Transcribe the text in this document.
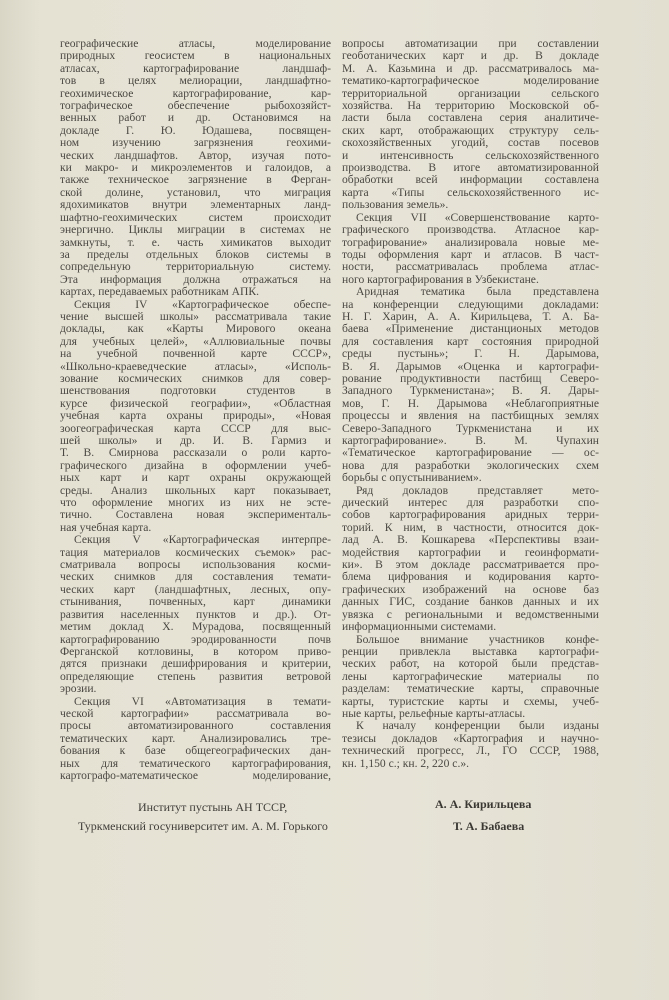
географические атласы, моделирование
природных геосистем в национальных
атласах, картографирование ландшаф-
тов в целях мелиорации, ландшафтно-
геохимическое картографирование, кар-
тографическое обеспечение рыбохозяйст-
венных работ и др. Остановимся на
докладе Г. Ю. Юдашева, посвящен-
ном изучению загрязнения геохими-
ческих ландшафтов. Автор, изучая пото-
ки макро- и микроэлементов и галоидов, а
также техническое загрязнение в Ферган-
ской долине, установил, что миграция
ядохимикатов внутри элементарных ланд-
шафтно-геохимических систем происходит
энергично. Циклы миграции в системах не
замкнуты, т. е. часть химикатов выходит
за пределы отдельных блоков системы в
сопредельную территориальную систему.
Эта информация должна отражаться на
картах, передаваемых работникам АПК.
Секция IV «Картографическое обеспе-
чение высшей школы» рассматривала такие
доклады, как «Карты Мирового океана
для учебных целей», «Аллювиальные почвы
на учебной почвенной карте СССР»,
«Школьно-краеведческие атласы», «Исполь-
зование космических снимков для совер-
шенствования подготовки студентов в
курсе физической географии», «Областная
учебная карта охраны природы», «Новая
зоогеографическая карта СССР для выс-
шей школы» и др. И. В. Гармиз и
Т. В. Смирнова рассказали о роли карто-
графического дизайна в оформлении учеб-
ных карт и карт охраны окружающей
среды. Анализ школьных карт показывает,
что оформление многих из них не эсте-
тично. Составлена новая эксперименталь-
ная учебная карта.
Секция V «Картографическая интерпре-
тация материалов космических съемок» рас-
сматривала вопросы использования косми-
ческих снимков для составления темати-
ческих карт (ландшафтных, лесных, опу-
стынивания, почвенных, карт динамики
развития населенных пунктов и др.). От-
метим доклад Х. Мурадова, посвященный
картографированию эродированности почв
Ферганской котловины, в котором приво-
дятся признаки дешифрирования и критерии,
определяющие степень развития ветровой
эрозии.
Секция VI «Автоматизация в темати-
ческой картографии» рассматривала во-
просы автоматизированного составления
тематических карт. Анализировались тре-
бования к базе общегеографических дан-
ных для тематического картографирования,
картографо-математическое моделирование,
вопросы автоматизации при составлении
геоботанических карт и др. В докладе
М. А. Казьмина и др. рассматривалось ма-
тематико-картографическое моделирование
территориальной организации сельского
хозяйства. На территорию Московской об-
ласти была составлена серия аналитиче-
ских карт, отображающих структуру сель-
скохозяйственных угодий, состав посевов
и интенсивность сельскохозяйственного
производства. В итоге автоматизированной
обработки всей информации составлена
карта «Типы сельскохозяйственного ис-
пользования земель».
Секция VII «Совершенствование карто-
графического производства. Атласное кар-
тографирование» анализировала новые ме-
тоды оформления карт и атласов. В част-
ности, рассматривалась проблема атлас-
ного картографирования в Узбекистане.
Аридная тематика была представлена
на конференции следующими докладами:
Н. Г. Харин, А. А. Кирильцева, Т. А. Ба-
баева «Применение дистанционых методов
для составления карт состояния природной
среды пустынь»; Г. Н. Дарымова,
В. Я. Дарымов «Оценка и картографи-
рование продуктивности пастбищ Северо-
Западного Туркменистана»; В. Я. Дары-
мов, Г. Н. Дарымова «Неблагоприятные
процессы и явления на пастбищных землях
Северо-Западного Туркменистана и их
картографирование». В. М. Чупахин
«Тематическое картографирование — ос-
нова для разработки экологических схем
борьбы с опустыниванием».
Ряд докладов представляет мето-
дический интерес для разработки спо-
собов картографирования аридных терри-
торий. К ним, в частности, относится док-
лад А. В. Кошкарева «Перспективы взаи-
модействия картографии и геоинформати-
ки». В этом докладе рассматривается про-
блема цифрования и кодирования карто-
графических изображений на основе баз
данных ГИС, создание банков данных и их
увязка с региональными и ведомственными
информационными системами.
Большое внимание участников конфе-
ренции привлекла выставка картографи-
ческих работ, на которой были представ-
лены картографические материалы по
разделам: тематические карты, справочные
карты, туристские карты и схемы, учеб-
ные карты, рельефные карты-атласы.
К началу конференции были изданы
тезисы докладов «Картография и научно-
технический прогресс, Л., ГО СССР, 1988,
кн. 1,150 с.; кн. 2, 220 с.».
Институт пустынь АН ТССР,
Туркменский госуниверситет им. А. М. Горького
А. А. Кирильцева
Т. А. Бабаева
